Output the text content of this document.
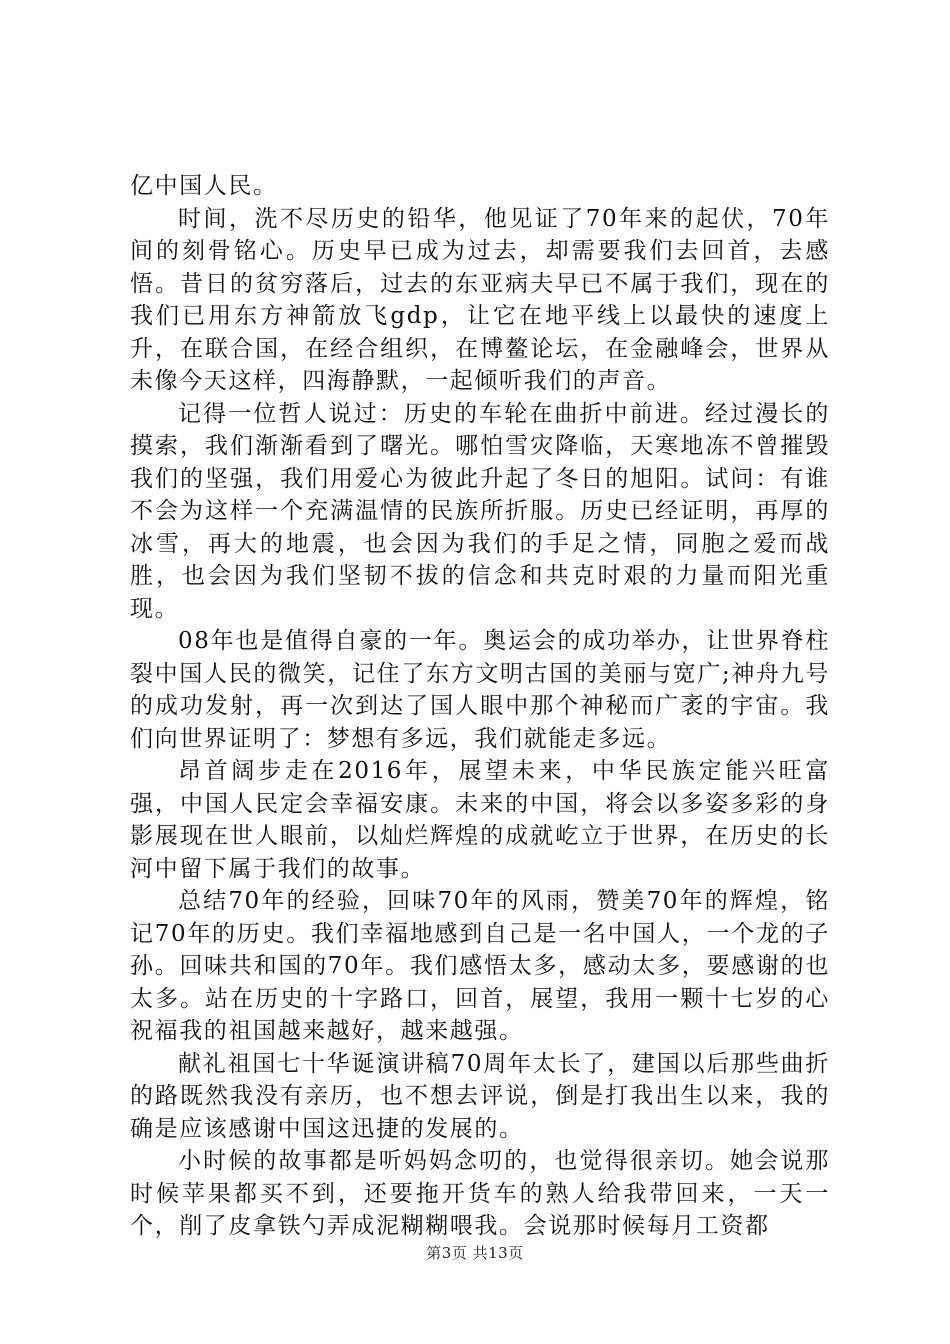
亿中国人民。

时间，洗不尽历史的铅华，他见证了70年来的起伏，70年间的刻骨铭心。历史早已成为过去，却需要我们去回首，去感悟。昔日的贫穷落后，过去的东亚病夫早已不属于我们，现在的我们已用东方神箭放飞gdp，让它在地平线上以最快的速度上升，在联合国，在经合组织，在博鳌论坛，在金融峰会，世界从未像今天这样，四海静默，一起倾听我们的声音。

记得一位哲人说过：历史的车轮在曲折中前进。经过漫长的摸索，我们渐渐看到了曙光。哪怕雪灾降临，天寒地冻不曾摧毁我们的坚强，我们用爱心为彼此升起了冬日的旭阳。试问：有谁不会为这样一个充满温情的民族所折服。历史已经证明，再厚的冰雪，再大的地震，也会因为我们的手足之情，同胞之爱而战胜，也会因为我们坚韧不拔的信念和共克时艰的力量而阳光重现。

08年也是值得自豪的一年。奥运会的成功举办，让世界脊柱裂中国人民的微笑，记住了东方文明古国的美丽与宽广;神舟九号的成功发射，再一次到达了国人眼中那个神秘而广袤的宇宙。我们向世界证明了：梦想有多远，我们就能走多远。

昂首阔步走在2016年，展望未来，中华民族定能兴旺富强，中国人民定会幸福安康。未来的中国，将会以多姿多彩的身影展现在世人眼前，以灿烂辉煌的成就屹立于世界，在历史的长河中留下属于我们的故事。

总结70年的经验，回味70年的风雨，赞美70年的辉煌，铭记70年的历史。我们幸福地感到自己是一名中国人，一个龙的子孙。回味共和国的70年。我们感悟太多，感动太多，要感谢的也太多。站在历史的十字路口，回首，展望，我用一颗十七岁的心祝福我的祖国越来越好，越来越强。

献礼祖国七十华诞演讲稿70周年太长了，建国以后那些曲折的路既然我没有亲历，也不想去评说，倒是打我出生以来，我的确是应该感谢中国这迅捷的发展的。

小时候的故事都是听妈妈念叨的，也觉得很亲切。她会说那时候苹果都买不到，还要拖开货车的熟人给我带回来，一天一个，削了皮拿铁勺弄成泥糊糊喂我。会说那时候每月工资都

第3页 共13页
